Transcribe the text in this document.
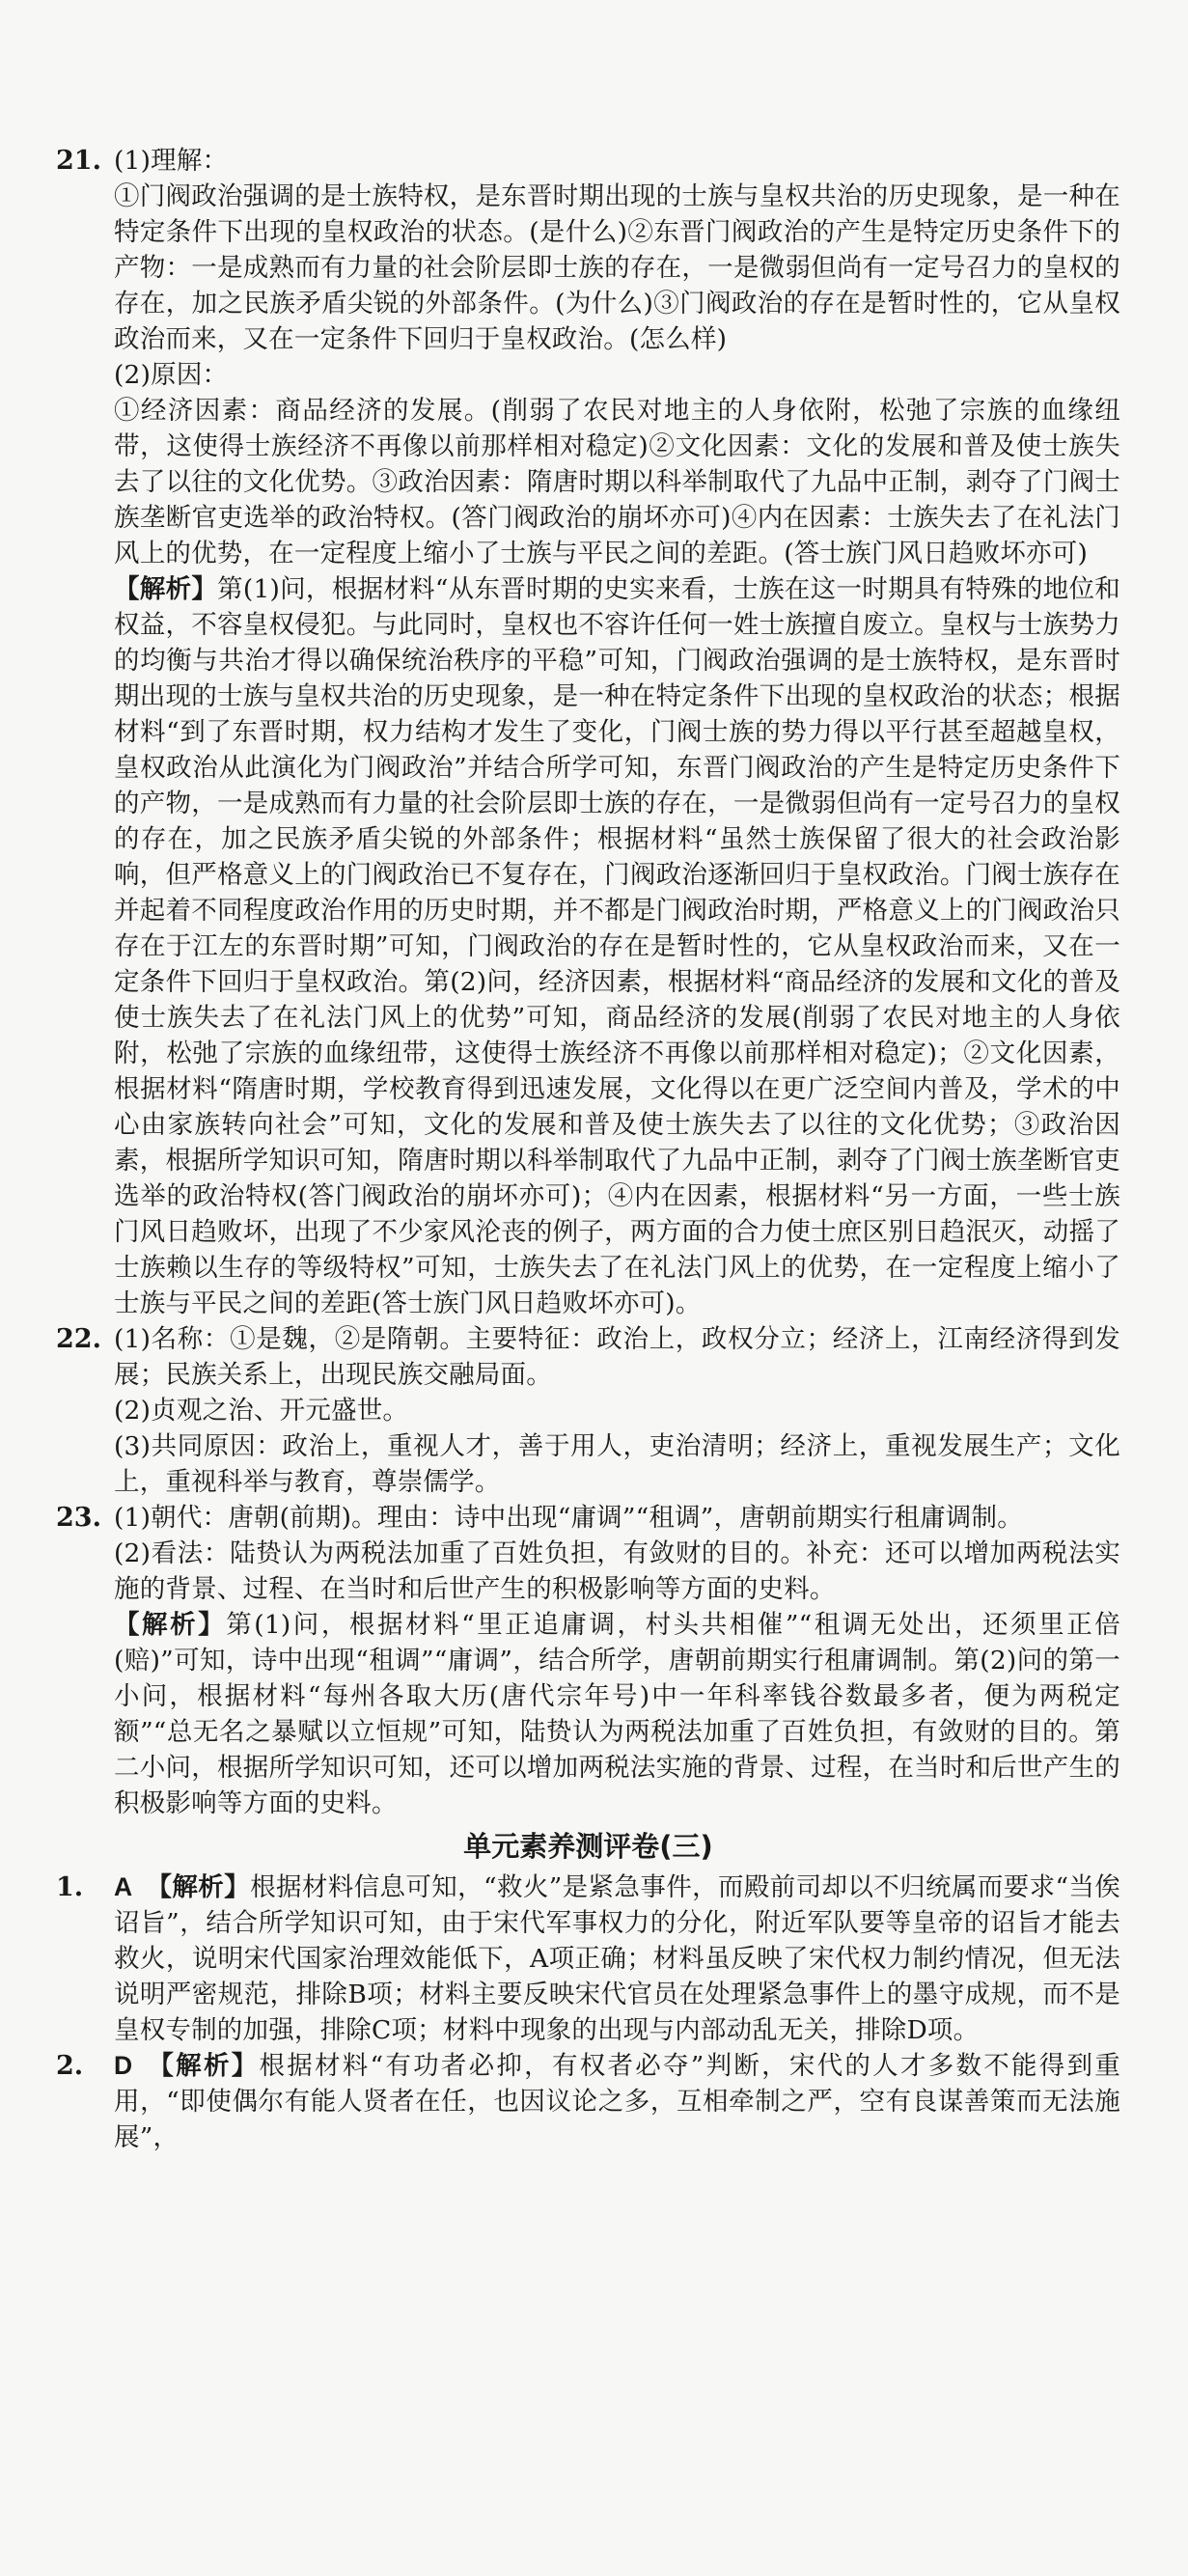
21. (1)理解：

①门阀政治强调的是士族特权，是东晋时期出现的士族与皇权共治的历史现象，是一种在特定条件下出现的皇权政治的状态。(是什么)②东晋门阀政治的产生是特定历史条件下的产物：一是成熟而有力量的社会阶层即士族的存在，一是微弱但尚有一定号召力的皇权的存在，加之民族矛盾尖锐的外部条件。(为什么)③门阀政治的存在是暂时性的，它从皇权政治而来，又在一定条件下回归于皇权政治。(怎么样)

(2)原因：

①经济因素：商品经济的发展。(削弱了农民对地主的人身依附，松弛了宗族的血缘纽带，这使得士族经济不再像以前那样相对稳定)②文化因素：文化的发展和普及使士族失去了以往的文化优势。③政治因素：隋唐时期以科举制取代了九品中正制，剥夺了门阀士族垄断官吏选举的政治特权。(答门阀政治的崩坏亦可)④内在因素：士族失去了在礼法门风上的优势，在一定程度上缩小了士族与平民之间的差距。(答士族门风日趋败坏亦可)

【解析】第(1)问，根据材料“从东晋时期的史实来看，士族在这一时期具有特殊的地位和权益，不容皇权侵犯。与此同时，皇权也不容许任何一姓士族擅自废立。皇权与士族势力的均衡与共治才得以确保统治秩序的平稳”可知，门阀政治强调的是士族特权，是东晋时期出现的士族与皇权共治的历史现象，是一种在特定条件下出现的皇权政治的状态；根据材料“到了东晋时期，权力结构才发生了变化，门阀士族的势力得以平行甚至超越皇权，皇权政治从此演化为门阀政治”并结合所学可知，东晋门阀政治的产生是特定历史条件下的产物，一是成熟而有力量的社会阶层即士族的存在，一是微弱但尚有一定号召力的皇权的存在，加之民族矛盾尖锐的外部条件；根据材料“虽然士族保留了很大的社会政治影响，但严格意义上的门阀政治已不复存在，门阀政治逐渐回归于皇权政治。门阀士族存在并起着不同程度政治作用的历史时期，并不都是门阀政治时期，严格意义上的门阀政治只存在于江左的东晋时期”可知，门阀政治的存在是暂时性的，它从皇权政治而来，又在一定条件下回归于皇权政治。第(2)问，经济因素，根据材料“商品经济的发展和文化的普及使士族失去了在礼法门风上的优势”可知，商品经济的发展(削弱了农民对地主的人身依附，松弛了宗族的血缘纽带，这使得士族经济不再像以前那样相对稳定)；②文化因素，根据材料“隋唐时期，学校教育得到迅速发展，文化得以在更广泛空间内普及，学术的中心由家族转向社会”可知，文化的发展和普及使士族失去了以往的文化优势；③政治因素，根据所学知识可知，隋唐时期以科举制取代了九品中正制，剥夺了门阀士族垄断官吏选举的政治特权(答门阀政治的崩坏亦可)；④内在因素，根据材料“另一方面，一些士族门风日趋败坏，出现了不少家风沦丧的例子，两方面的合力使士庶区别日趋泯灭，动摇了士族赖以生存的等级特权”可知，士族失去了在礼法门风上的优势，在一定程度上缩小了士族与平民之间的差距(答士族门风日趋败坏亦可)。

22. (1)名称：①是魏，②是隋朝。主要特征：政治上，政权分立；经济上，江南经济得到发展；民族关系上，出现民族交融局面。

(2)贞观之治、开元盛世。

(3)共同原因：政治上，重视人才，善于用人，吏治清明；经济上，重视发展生产；文化上，重视科举与教育，尊崇儒学。

23. (1)朝代：唐朝(前期)。理由：诗中出现“庸调”“租调”，唐朝前期实行租庸调制。

(2)看法：陆贽认为两税法加重了百姓负担，有敛财的目的。补充：还可以增加两税法实施的背景、过程、在当时和后世产生的积极影响等方面的史料。

【解析】第(1)问，根据材料“里正追庸调，村头共相催”“租调无处出，还须里正倍(赔)”可知，诗中出现“租调”“庸调”，结合所学，唐朝前期实行租庸调制。第(2)问的第一小问，根据材料“每州各取大历(唐代宗年号)中一年科率钱谷数最多者，便为两税定额”“总无名之暴赋以立恒规”可知，陆贽认为两税法加重了百姓负担，有敛财的目的。第二小问，根据所学知识可知，还可以增加两税法实施的背景、过程，在当时和后世产生的积极影响等方面的史料。

单元素养测评卷(三)
1. A 【解析】根据材料信息可知，“救火”是紧急事件，而殿前司却以不归统属而要求“当俟诏旨”，结合所学知识可知，由于宋代军事权力的分化，附近军队要等皇帝的诏旨才能去救火，说明宋代国家治理效能低下，A项正确；材料虽反映了宋代权力制约情况，但无法说明严密规范，排除B项；材料主要反映宋代官员在处理紧急事件上的墨守成规，而不是皇权专制的加强，排除C项；材料中现象的出现与内部动乱无关，排除D项。

2. D 【解析】根据材料“有功者必抑，有权者必夺”判断，宋代的人才多数不能得到重用，“即使偶尔有能人贤者在任，也因议论之多，互相牵制之严，空有良谋善策而无法施展”，
